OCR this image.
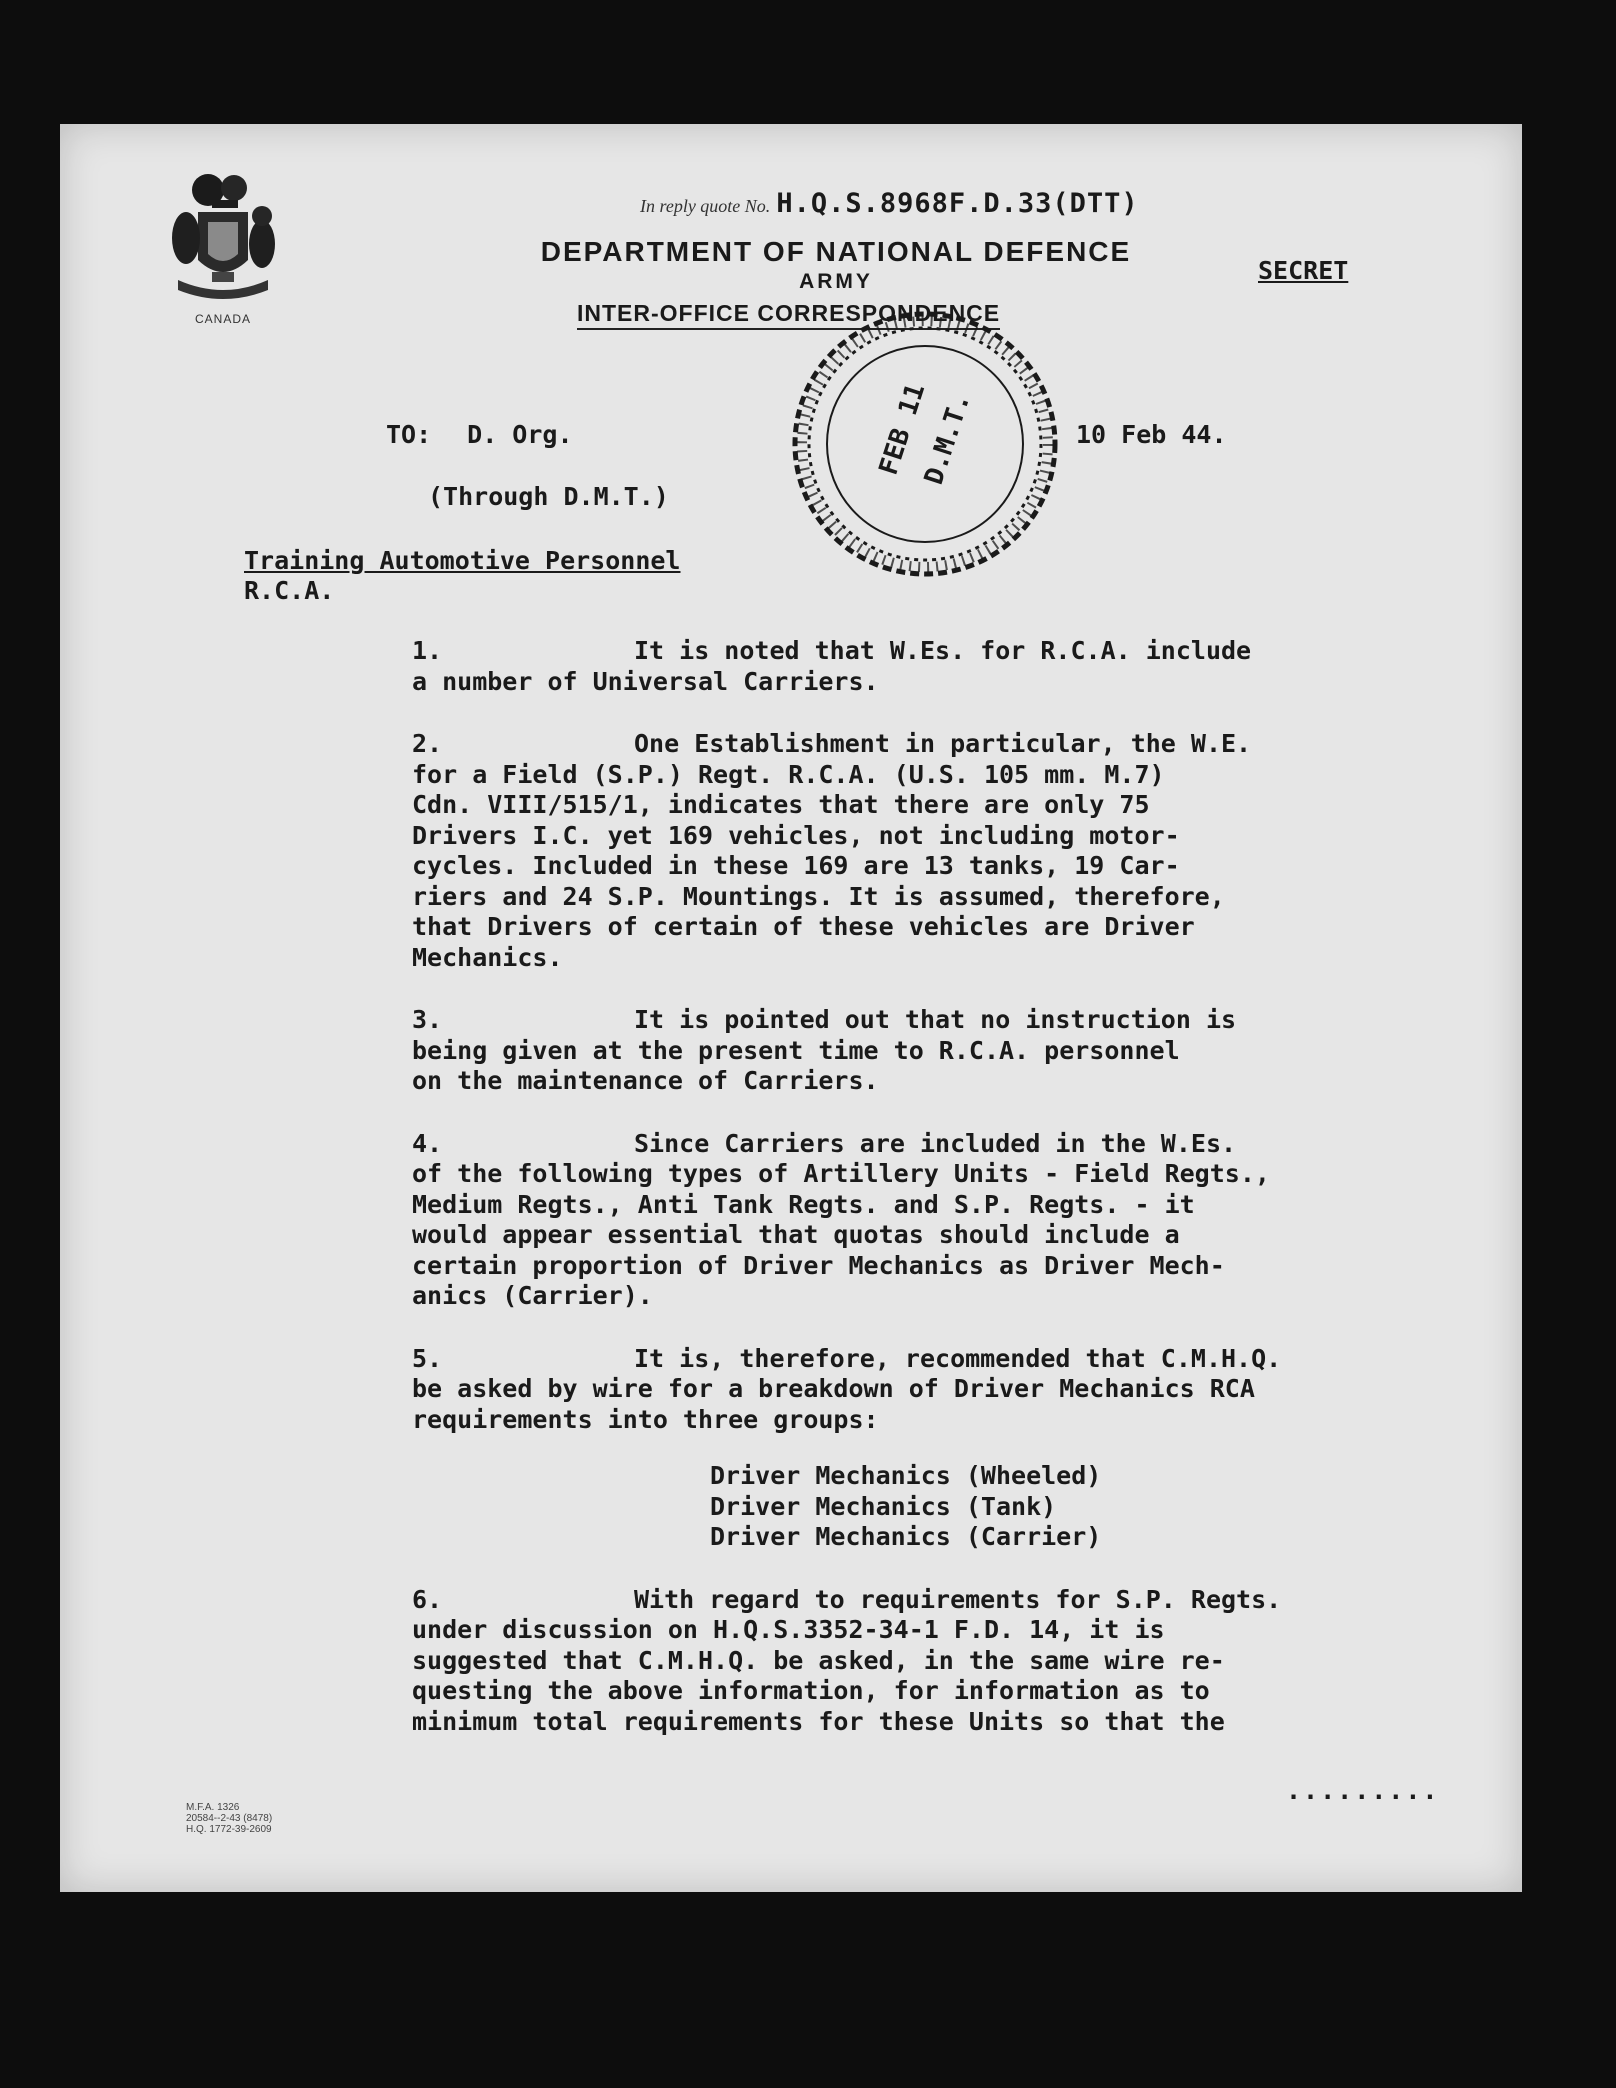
CANADA
In reply quote No. H.Q.S.8968F.D.33(DTT)
DEPARTMENT OF NATIONAL DEFENCE
ARMY
INTER-OFFICE CORRESPONDENCE
SECRET
FEB 11
D.M.T.
TO: D. Org.	10 Feb 44.
(Through D.M.T.)
Training Automotive Personnel
R.C.A.
1.	It is noted that W.Es. for R.C.A. include
a number of Universal Carriers.
2.	One Establishment in particular, the W.E.
for a Field (S.P.) Regt. R.C.A. (U.S. 105 mm. M.7)
Cdn. VIII/515/1, indicates that there are only 75
Drivers I.C. yet 169 vehicles, not including motor-
cycles. Included in these 169 are 13 tanks, 19 Car-
riers and 24 S.P. Mountings. It is assumed, therefore,
that Drivers of certain of these vehicles are Driver
Mechanics.
3.	It is pointed out that no instruction is
being given at the present time to R.C.A. personnel
on the maintenance of Carriers.
4.	Since Carriers are included in the W.Es.
of the following types of Artillery Units - Field Regts.,
Medium Regts., Anti Tank Regts. and S.P. Regts. - it
would appear essential that quotas should include a
certain proportion of Driver Mechanics as Driver Mech-
anics (Carrier).
5.	It is, therefore, recommended that C.M.H.Q.
be asked by wire for a breakdown of Driver Mechanics RCA
requirements into three groups:
Driver Mechanics (Wheeled)
Driver Mechanics (Tank)
Driver Mechanics (Carrier)
6.	With regard to requirements for S.P. Regts.
under discussion on H.Q.S.3352-34-1 F.D. 14, it is
suggested that C.M.H.Q. be asked, in the same wire re-
questing the above information, for information as to
minimum total requirements for these Units so that the
M.F.A. 1326
20584--2-43 (8478)
H.Q. 1772-39-2609
.........
